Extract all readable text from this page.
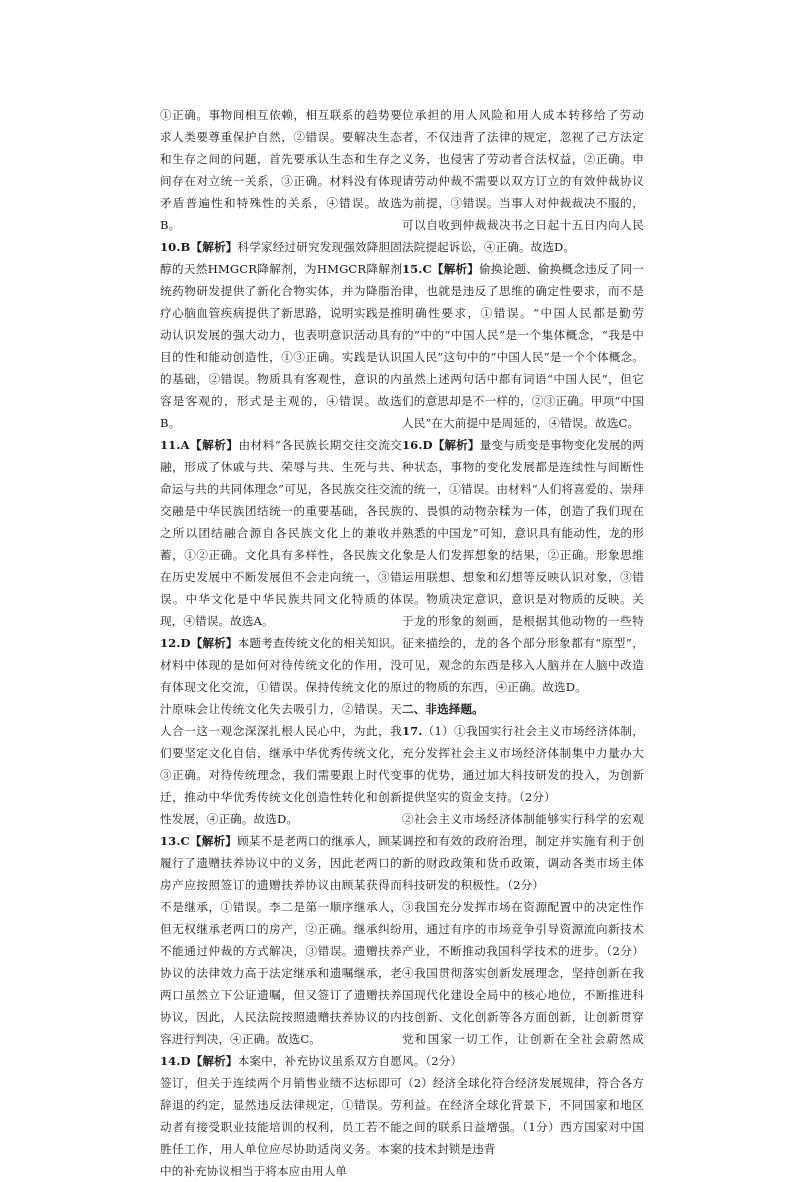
①正确。事物间相互依赖，相互联系的趋势要求人类要尊重保护自然，②错误。要解决生态和生存之间的问题，首先要承认生态和生存之间存在对立统一关系，③正确。材料没有体现矛盾普遍性和特殊性的关系，④错误。故选B。

10.B【解析】科学家经过研究发现强效降胆固醇的天然HMGCR降解剂，为HMGCR降解剂统药物研发提供了新化合物实体，并为降脂治疗心脑血管疾病提供了新思路，说明实践是推动认识发展的强大动力，也表明意识活动具有目的性和能动创造性，①③正确。实践是认识的基础，②错误。物质具有客观性，意识的内容是客观的，形式是主观的，④错误。故选B。

11.A【解析】由材料“各民族长期交往交流交融，形成了休戚与共、荣辱与共、生死与共、命运与共的共同体理念”可见，各民族交往交流交融是中华民族团结统一的重要基础，各民族之所以团结融合源自各民族文化上的兼收并蓄，①②正确。文化具有多样性，各民族文化在历史发展中不断发展但不会走向统一，③错误。中华文化是中华民族共同文化特质的体现，④错误。故选A。

12.D【解析】本题考查传统文化的相关知识。材料中体现的是如何对待传统文化的作用，没有体现文化交流，①错误。保持传统文化的原汁原味会让传统文化失去吸引力，②错误。天人合一这一观念深深扎根人民心中，为此，我们要坚定文化自信，继承中华优秀传统文化，③正确。对待传统理念，我们需要跟上时代变迁，推动中华优秀传统文化创造性转化和创新性发展，④正确。故选D。

13.C【解析】顾某不是老两口的继承人，顾某履行了遗赠扶养协议中的义务，因此老两口的房产应按照签订的遗赠扶养协议由顾某获得而不是继承，①错误。李二是第一顺序继承人，但无权继承老两口的房产，②正确。继承纠纷不能通过仲裁的方式解决，③错误。遗赠扶养协议的法律效力高于法定继承和遗嘱继承，老两口虽然立下公证遗嘱，但又签订了遗赠扶养协议，因此，人民法院按照遗赠扶养协议的内容进行判决，④正确。故选C。

14.D【解析】本案中，补充协议虽系双方自愿签订，但关于连续两个月销售业绩不达标即可辞退的约定，显然违反法律规定，①错误。劳动者有接受职业技能培训的权利，员工若不能胜任工作，用人单位应尽协助适岗义务。本案中的补充协议相当于将本应由用人单

位承担的用人风险和用人成本转移给了劳动者，不仅违背了法律的规定，忽视了己方法定义务，也侵害了劳动者合法权益，②正确。申请劳动仲裁不需要以双方订立的有效仲裁协议为前提，③错误。当事人对仲裁裁决不服的，可以自收到仲裁裁决书之日起十五日内向人民法院提起诉讼，④正确。故选D。

15.C【解析】偷换论题、偷换概念违反了同一律，也就是违反了思维的确定性要求，而不是明确性要求，①错误。“中国人民都是勤劳的”中的“中国人民”是一个集体概念，“我是中国人民”这句中的“中国人民”是一个个体概念。虽然上述两句话中都有词语“中国人民”，但它们的意思却是不一样的，②③正确。甲项“中国人民”在大前提中是周延的，④错误。故选C。

16.D【解析】量变与质变是事物变化发展的两种状态，事物的变化发展都是连续性与间断性的统一，①错误。由材料“人们将喜爱的、崇拜的、畏惧的动物杂糅为一体，创造了我们现在熟悉的中国龙”可知，意识具有能动性，龙的形象是人们发挥想象的结果，②正确。形象思维运用联想、想象和幻想等反映认识对象，③错误。物质决定意识，意识是对物质的反映。关于龙的形象的刻画，是根据其他动物的一些特征来描绘的，龙的各个部分形象都有“原型”，可见，观念的东西是移入人脑并在人脑中改造过的物质的东西，④正确。故选D。

二、非选择题。

17.（1）①我国实行社会主义市场经济体制，充分发挥社会主义市场经济体制集中力量办大事的优势，通过加大科技研发的投入，为创新提供坚实的资金支持。（2分）

②社会主义市场经济体制能够实行科学的宏观调控和有效的政府治理，制定并实施有利于创新的财政政策和货币政策，调动各类市场主体科技研发的积极性。（2分）

③我国充分发挥市场在资源配置中的决定性作用，通过有序的市场竞争引导资源流向新技术产业，不断推动我国科学技术的进步。（2分）④我国贯彻落实创新发展理念，坚持创新在我国现代化建设全局中的核心地位，不断推进科技创新、文化创新等各方面创新，让创新贯穿党和国家一切工作，让创新在全社会蔚然成风。（2分）

（2）经济全球化符合经济发展规律，符合各方利益。在经济全球化背景下，不同国家和地区之间的联系日益增强。（1分）西方国家对中国的技术封锁是违背
